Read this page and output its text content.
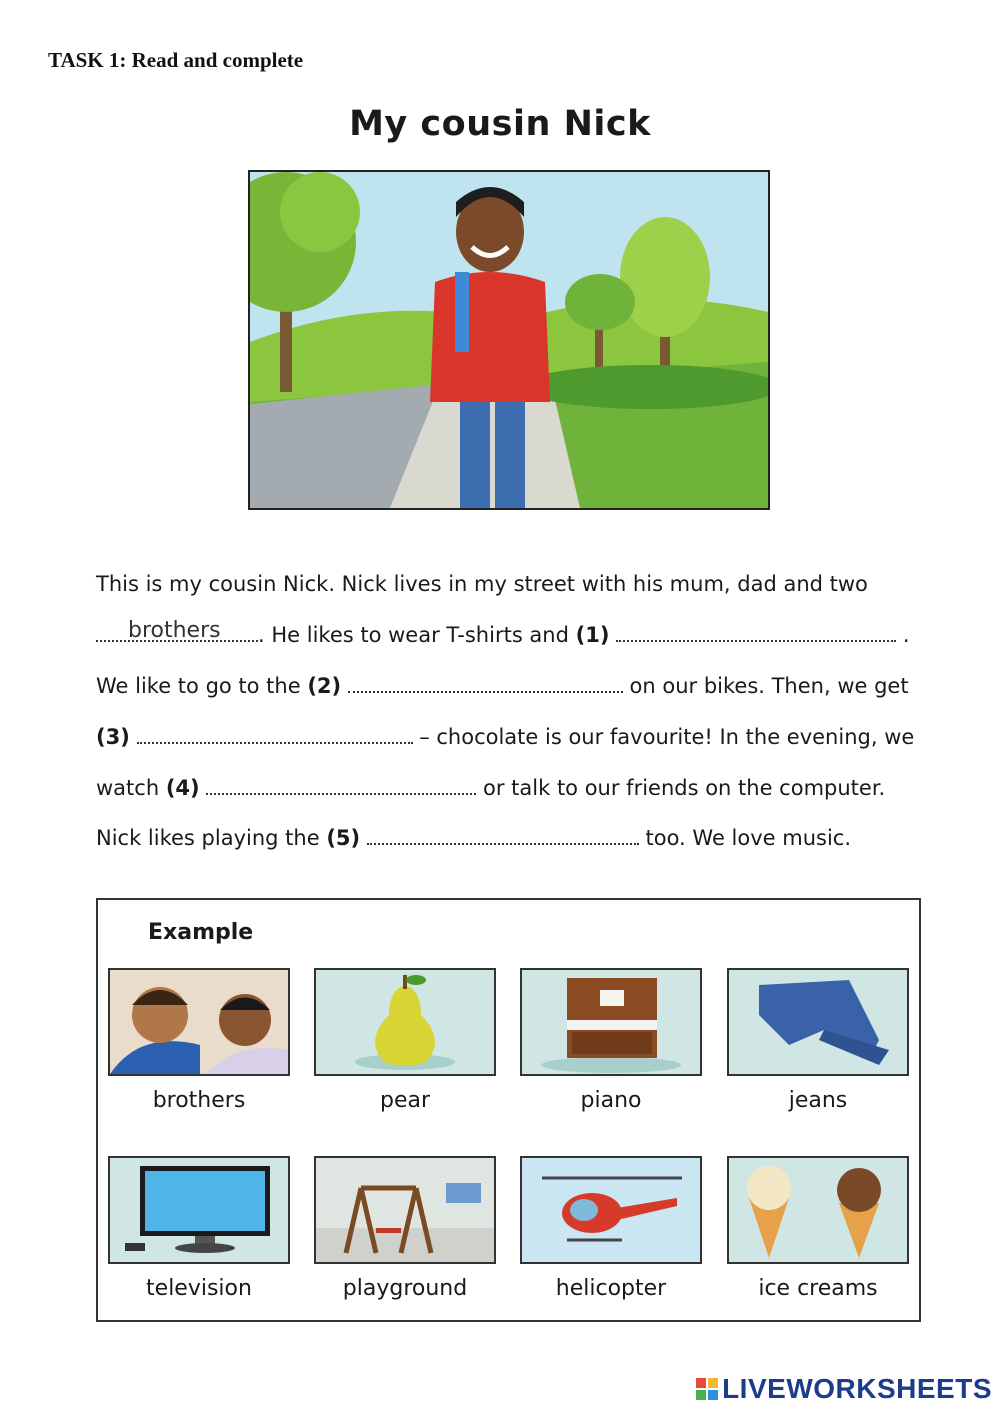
TASK 1: Read and complete
My cousin Nick
This is my cousin Nick. Nick lives in my street with his mum, dad and two
. He likes to wear T-shirts and (1)	.
brothers
We like to go to the (2)	on our bikes. Then, we get
(3)	– chocolate is our favourite! In the evening, we
watch (4)	or talk to our friends on the computer.
Nick likes playing the (5)	too. We love music.
Example
brothers	pear	piano	jeans
television	playground	helicopter	ice creams
LIVEWORKSHEETS
